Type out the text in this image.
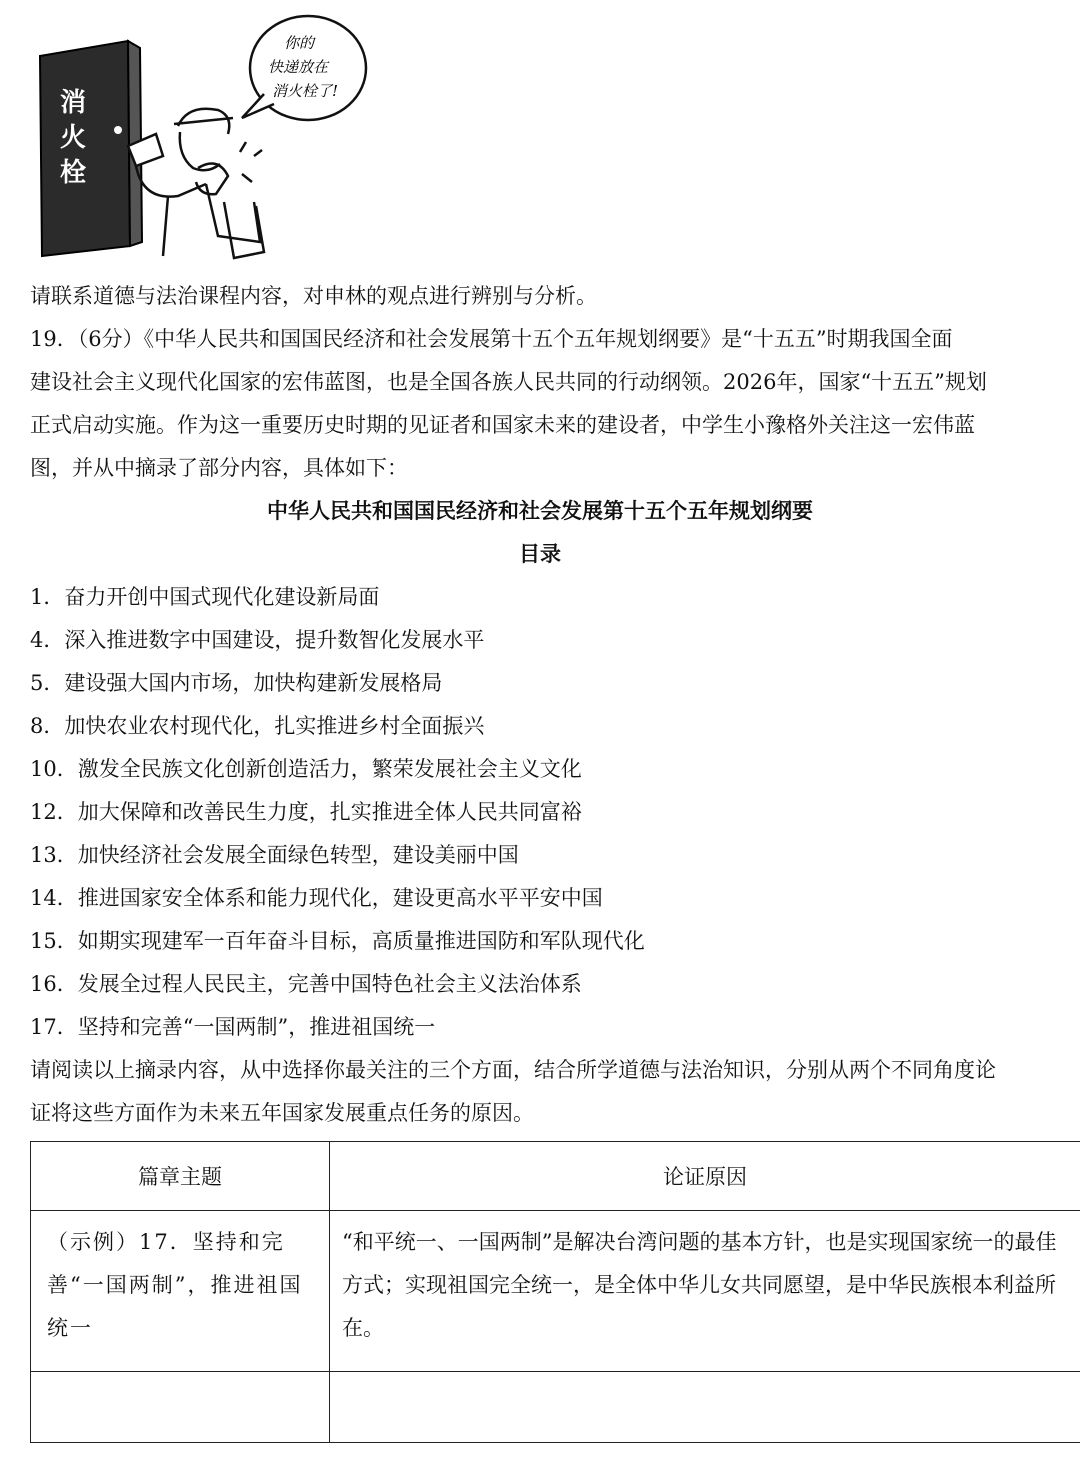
消
火
栓
你的
快递放在
消火栓了!
请联系道德与法治课程内容，对申林的观点进行辨别与分析。
19．（6分）《中华人民共和国国民经济和社会发展第十五个五年规划纲要》是“十五五”时期我国全面
建设社会主义现代化国家的宏伟蓝图，也是全国各族人民共同的行动纲领。2026年，国家“十五五”规划
正式启动实施。作为这一重要历史时期的见证者和国家未来的建设者，中学生小豫格外关注这一宏伟蓝
图，并从中摘录了部分内容，具体如下：
中华人民共和国国民经济和社会发展第十五个五年规划纲要
目录
1．奋力开创中国式现代化建设新局面
4．深入推进数字中国建设，提升数智化发展水平
5．建设强大国内市场，加快构建新发展格局
8．加快农业农村现代化，扎实推进乡村全面振兴
10．激发全民族文化创新创造活力，繁荣发展社会主义文化
12．加大保障和改善民生力度，扎实推进全体人民共同富裕
13．加快经济社会发展全面绿色转型，建设美丽中国
14．推进国家安全体系和能力现代化，建设更高水平平安中国
15．如期实现建军一百年奋斗目标，高质量推进国防和军队现代化
16．发展全过程人民民主，完善中国特色社会主义法治体系
17．坚持和完善“一国两制”，推进祖国统一
请阅读以上摘录内容，从中选择你最关注的三个方面，结合所学道德与法治知识，分别从两个不同角度论
证将这些方面作为未来五年国家发展重点任务的原因。
篇章主题	论证原因
（示例）17．坚持和完善“一国两制”，推进祖国统一	“和平统一、一国两制”是解决台湾问题的基本方针，也是实现国家统一的最佳方式；实现祖国完全统一，是全体中华儿女共同愿望，是中华民族根本利益所在。
